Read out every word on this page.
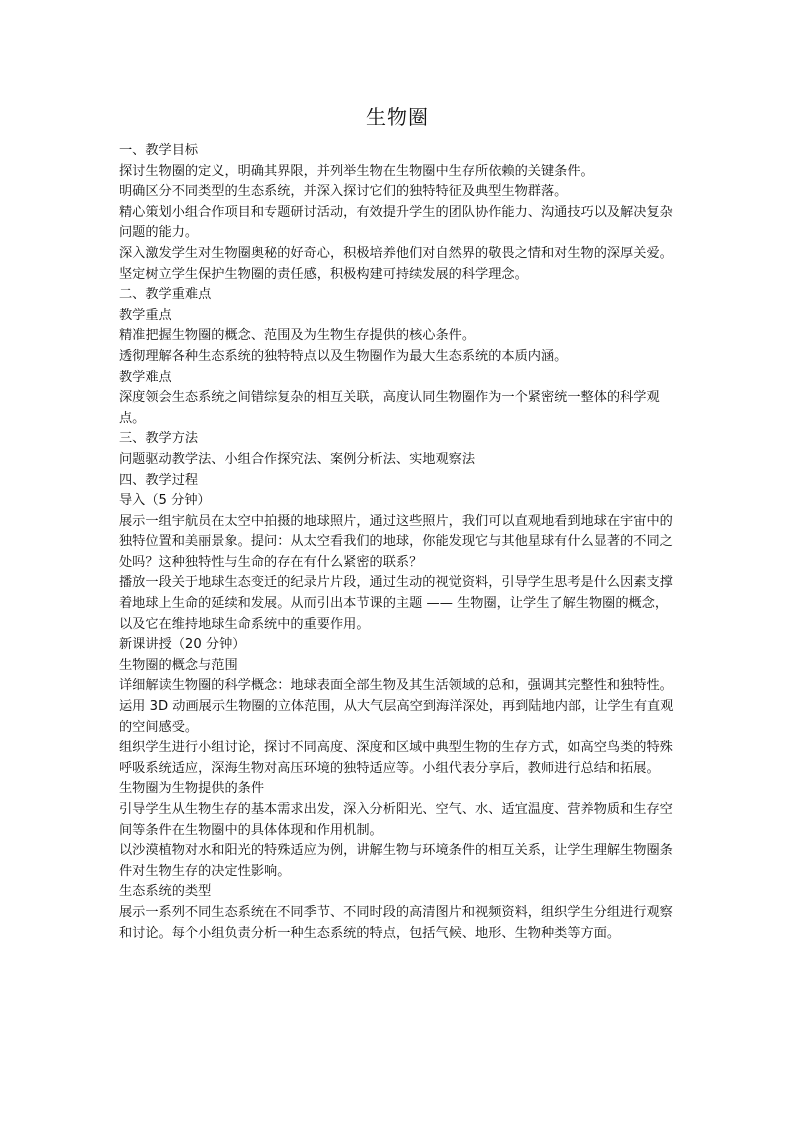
生物圈

一、教学目标

探讨生物圈的定义，明确其界限，并列举生物在生物圈中生存所依赖的关键条件。

明确区分不同类型的生态系统，并深入探讨它们的独特特征及典型生物群落。

精心策划小组合作项目和专题研讨活动，有效提升学生的团队协作能力、沟通技巧以及解决复杂问题的能力。

深入激发学生对生物圈奥秘的好奇心，积极培养他们对自然界的敬畏之情和对生物的深厚关爱。

坚定树立学生保护生物圈的责任感，积极构建可持续发展的科学理念。

二、教学重难点

教学重点

精准把握生物圈的概念、范围及为生物生存提供的核心条件。

透彻理解各种生态系统的独特特点以及生物圈作为最大生态系统的本质内涵。

教学难点

深度领会生态系统之间错综复杂的相互关联，高度认同生物圈作为一个紧密统一整体的科学观点。

三、教学方法

问题驱动教学法、小组合作探究法、案例分析法、实地观察法

四、教学过程

导入（5 分钟）

展示一组宇航员在太空中拍摄的地球照片，通过这些照片，我们可以直观地看到地球在宇宙中的独特位置和美丽景象。提问：从太空看我们的地球，你能发现它与其他星球有什么显著的不同之处吗？这种独特性与生命的存在有什么紧密的联系？

播放一段关于地球生态变迁的纪录片片段，通过生动的视觉资料，引导学生思考是什么因素支撑着地球上生命的延续和发展。从而引出本节课的主题 —— 生物圈，让学生了解生物圈的概念，以及它在维持地球生命系统中的重要作用。

新课讲授（20 分钟）

生物圈的概念与范围

详细解读生物圈的科学概念：地球表面全部生物及其生活领域的总和，强调其完整性和独特性。

运用 3D 动画展示生物圈的立体范围，从大气层高空到海洋深处，再到陆地内部，让学生有直观的空间感受。

组织学生进行小组讨论，探讨不同高度、深度和区域中典型生物的生存方式，如高空鸟类的特殊呼吸系统适应，深海生物对高压环境的独特适应等。小组代表分享后，教师进行总结和拓展。

生物圈为生物提供的条件

引导学生从生物生存的基本需求出发，深入分析阳光、空气、水、适宜温度、营养物质和生存空间等条件在生物圈中的具体体现和作用机制。

以沙漠植物对水和阳光的特殊适应为例，讲解生物与环境条件的相互关系，让学生理解生物圈条件对生物生存的决定性影响。

生态系统的类型

展示一系列不同生态系统在不同季节、不同时段的高清图片和视频资料，组织学生分组进行观察和讨论。每个小组负责分析一种生态系统的特点，包括气候、地形、生物种类等方面。
